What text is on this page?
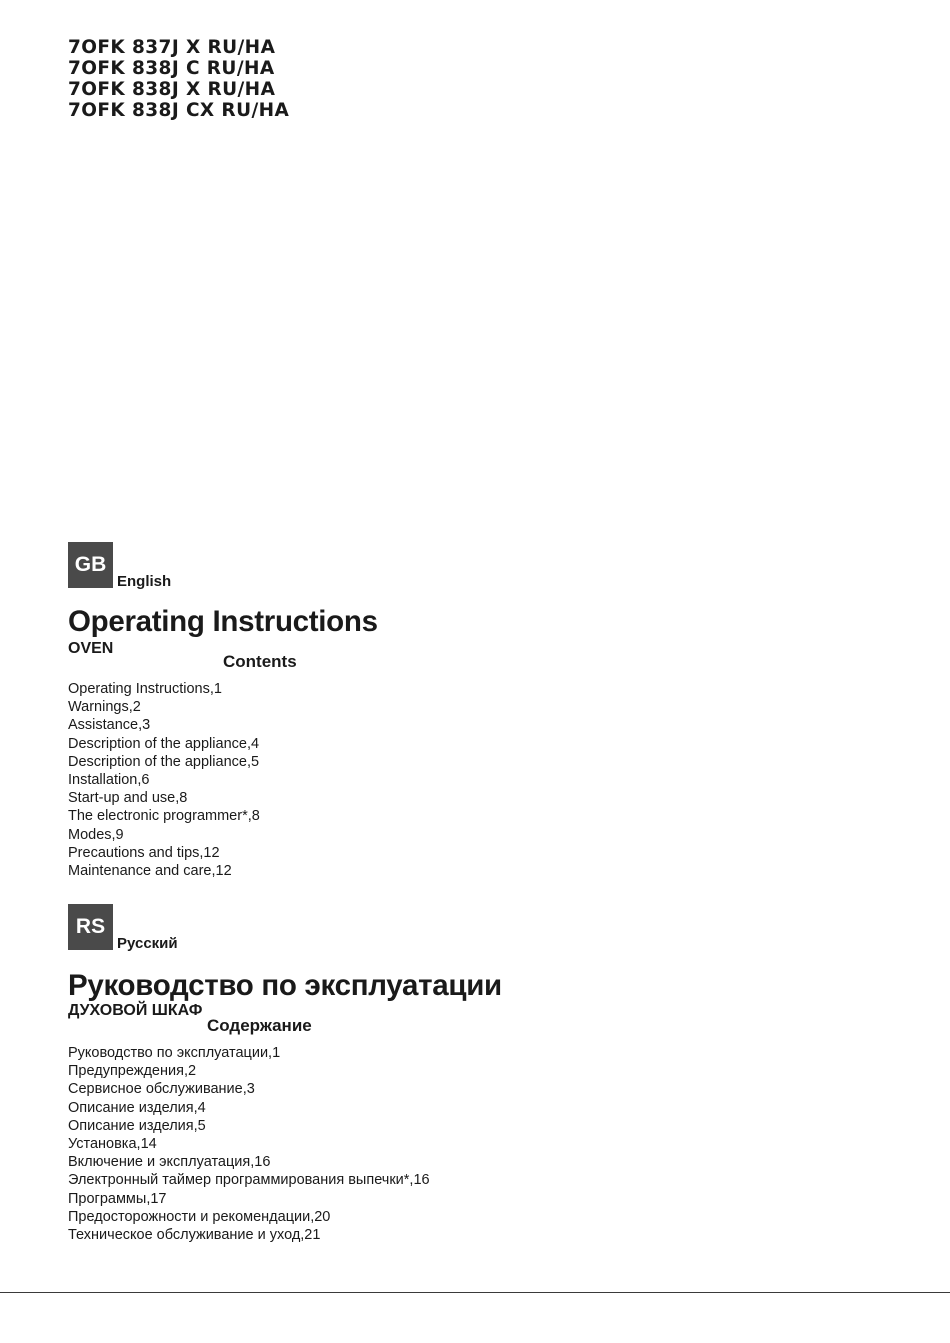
7OFK 837J X RU/HA
7OFK 838J C RU/HA
7OFK 838J X RU/HA
7OFK 838J CX RU/HA
GB
English
Operating Instructions
OVEN
Contents
Operating Instructions,1
Warnings,2
Assistance,3
Description of the appliance,4
Description of the appliance,5
Installation,6
Start-up and use,8
The electronic programmer*,8
Modes,9
Precautions and tips,12
Maintenance and care,12
RS
Русский
Руководство по эксплуатации
ДУХОВОЙ ШКАФ
Содержание
Руководство по эксплуатации,1
Предупреждения,2
Сервисное обслуживание,3
Описание изделия,4
Описание изделия,5
Установка,14
Включение и эксплуатация,16
Электронный таймер программирования выпечки*,16
Программы,17
Предосторожности и рекомендации,20
Техническое обслуживание и уход,21
